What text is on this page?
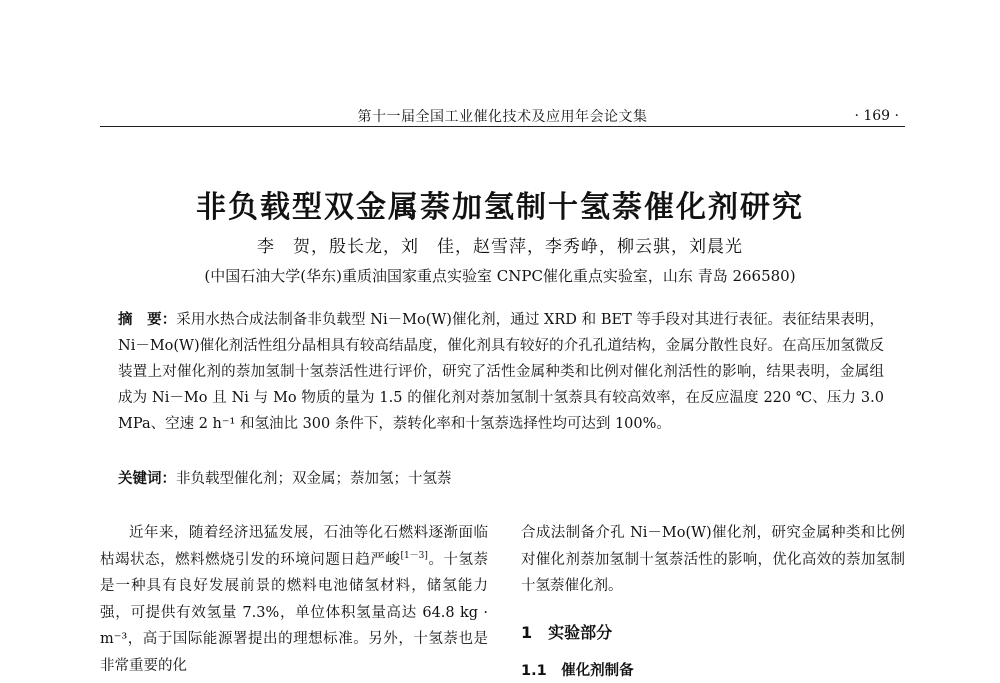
第十一届全国工业催化技术及应用年会论文集	· 169 ·
非负载型双金属萘加氢制十氢萘催化剂研究
李　贺，殷长龙，刘　佳，赵雪萍，李秀峥，柳云骐，刘晨光
(中国石油大学(华东)重质油国家重点实验室 CNPC催化重点实验室，山东 青岛 266580)
摘　要：采用水热合成法制备非负载型 Ni－Mo(W)催化剂，通过 XRD 和 BET 等手段对其进行表征。表征结果表明，Ni－Mo(W)催化剂活性组分晶相具有较高结晶度，催化剂具有较好的介孔孔道结构，金属分散性良好。在高压加氢微反装置上对催化剂的萘加氢制十氢萘活性进行评价，研究了活性金属种类和比例对催化剂活性的影响，结果表明，金属组成为 Ni－Mo 且 Ni 与 Mo 物质的量为 1.5 的催化剂对萘加氢制十氢萘具有较高效率，在反应温度 220 ℃、压力 3.0 MPa、空速 2 h⁻¹ 和氢油比 300 条件下，萘转化率和十氢萘选择性均可达到 100%。
关键词：非负载型催化剂；双金属；萘加氢；十氢萘
近年来，随着经济迅猛发展，石油等化石燃料逐渐面临枯竭状态，燃料燃烧引发的环境问题日趋严峻[1－3]。十氢萘是一种具有良好发展前景的燃料电池储氢材料，储氢能力强，可提供有效氢量 7.3%，单位体积氢量高达 64.8 kg · m⁻³，高于国际能源署提出的理想标准。另外，十氢萘也是非常重要的化
合成法制备介孔 Ni－Mo(W)催化剂，研究金属种类和比例对催化剂萘加氢制十氢萘活性的影响，优化高效的萘加氢制十氢萘催化剂。
1　实验部分
1.1　催化剂制备
